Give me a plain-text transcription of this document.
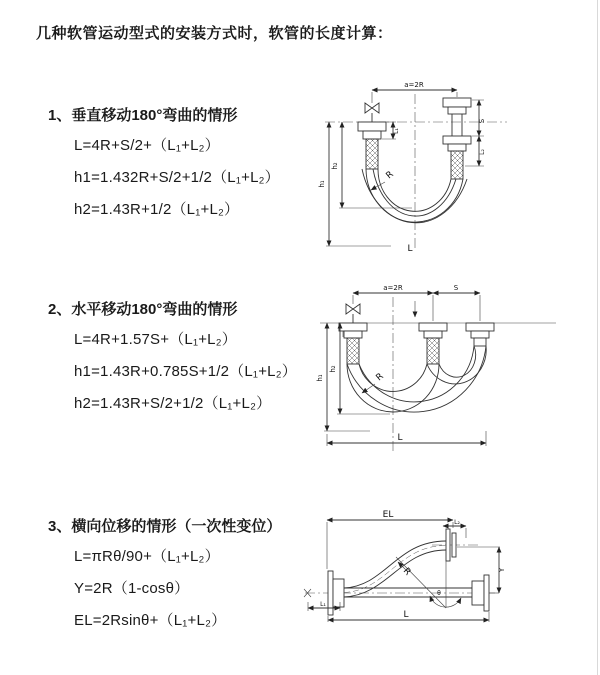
几种软管运动型式的安装方式时，软管的长度计算：
1、垂直移动180°弯曲的情形
L=4R+S/2+（L₁+L₂）
h1=1.432R+S/2+1/2（L₁+L₂）
h2=1.43R+1/2（L₁+L₂）
2、水平移动180°弯曲的情形
L=4R+1.57S+（L₁+L₂）
h1=1.43R+0.785S+1/2（L₁+L₂）
h2=1.43R+S/2+1/2（L₁+L₂）
3、横向位移的情形（一次性变位）
L=πRθ/90+（L₁+L₂）
Y=2R（1-cosθ）
EL=2Rsinθ+（L₁+L₂）
a=2R
S
L₂
L₁
h₂
h₁
R
L
a=2R	S
h₂
h₁	R
L
θ
R
EL
L₂
Y
L
L₁
